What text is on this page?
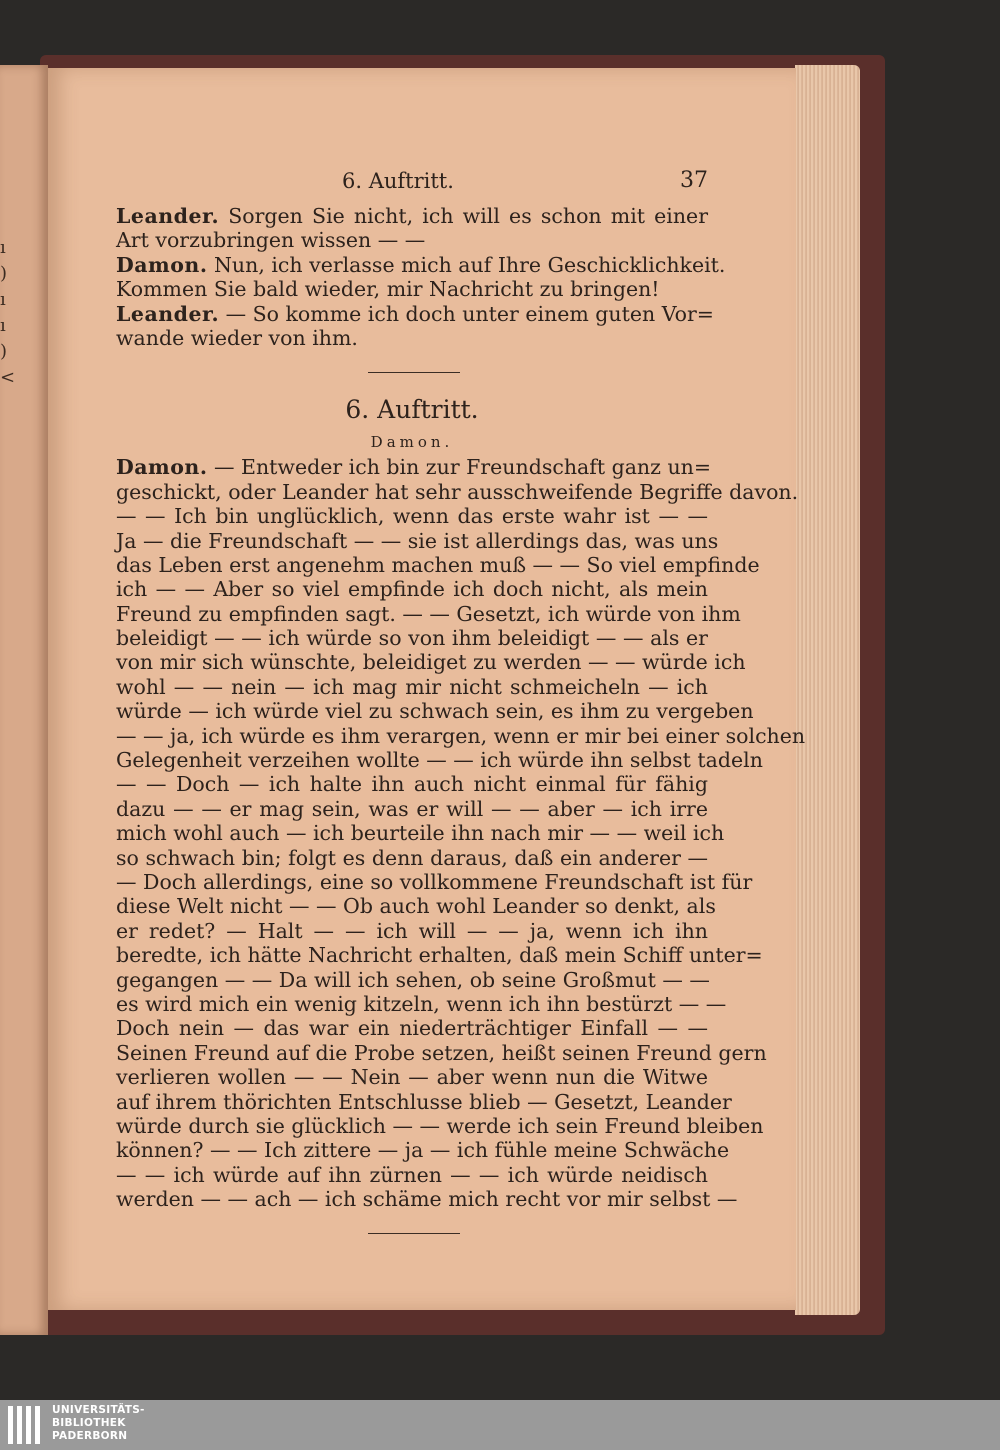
ı
)
ı
ı
)
<
6. Auftritt.	37
Leander. Sorgen Sie nicht, ich will es schon mit einer
Art vorzubringen wissen — —
Damon. Nun, ich verlasse mich auf Ihre Geschicklichkeit.
Kommen Sie bald wieder, mir Nachricht zu bringen!
Leander. — So komme ich doch unter einem guten Vor=
wande wieder von ihm.
6. Auftritt.
Damon.
Damon. — Entweder ich bin zur Freundschaft ganz un=
geschickt, oder Leander hat sehr ausschweifende Begriffe davon.
— — Ich bin unglücklich, wenn das erste wahr ist — —
Ja — die Freundschaft — — sie ist allerdings das, was uns
das Leben erst angenehm machen muß — — So viel empfinde
ich — — Aber so viel empfinde ich doch nicht, als mein
Freund zu empfinden sagt. — — Gesetzt, ich würde von ihm
beleidigt — — ich würde so von ihm beleidigt — — als er
von mir sich wünschte, beleidiget zu werden — — würde ich
wohl — — nein — ich mag mir nicht schmeicheln — ich
würde — ich würde viel zu schwach sein, es ihm zu vergeben
— — ja, ich würde es ihm verargen, wenn er mir bei einer solchen
Gelegenheit verzeihen wollte — — ich würde ihn selbst tadeln
— — Doch — ich halte ihn auch nicht einmal für fähig
dazu — — er mag sein, was er will — — aber — ich irre
mich wohl auch — ich beurteile ihn nach mir — — weil ich
so schwach bin; folgt es denn daraus, daß ein anderer —
— Doch allerdings, eine so vollkommene Freundschaft ist für
diese Welt nicht — — Ob auch wohl Leander so denkt, als
er redet? — Halt — — ich will — — ja, wenn ich ihn
beredte, ich hätte Nachricht erhalten, daß mein Schiff unter=
gegangen — — Da will ich sehen, ob seine Großmut — —
es wird mich ein wenig kitzeln, wenn ich ihn bestürzt — —
Doch nein — das war ein niederträchtiger Einfall — —
Seinen Freund auf die Probe setzen, heißt seinen Freund gern
verlieren wollen — — Nein — aber wenn nun die Witwe
auf ihrem thörichten Entschlusse blieb — Gesetzt, Leander
würde durch sie glücklich — — werde ich sein Freund bleiben
können? — — Ich zittere — ja — ich fühle meine Schwäche
— — ich würde auf ihn zürnen — — ich würde neidisch
werden — — ach — ich schäme mich recht vor mir selbst —
UNIVERSITÄTS-
BIBLIOTHEK
PADERBORN
